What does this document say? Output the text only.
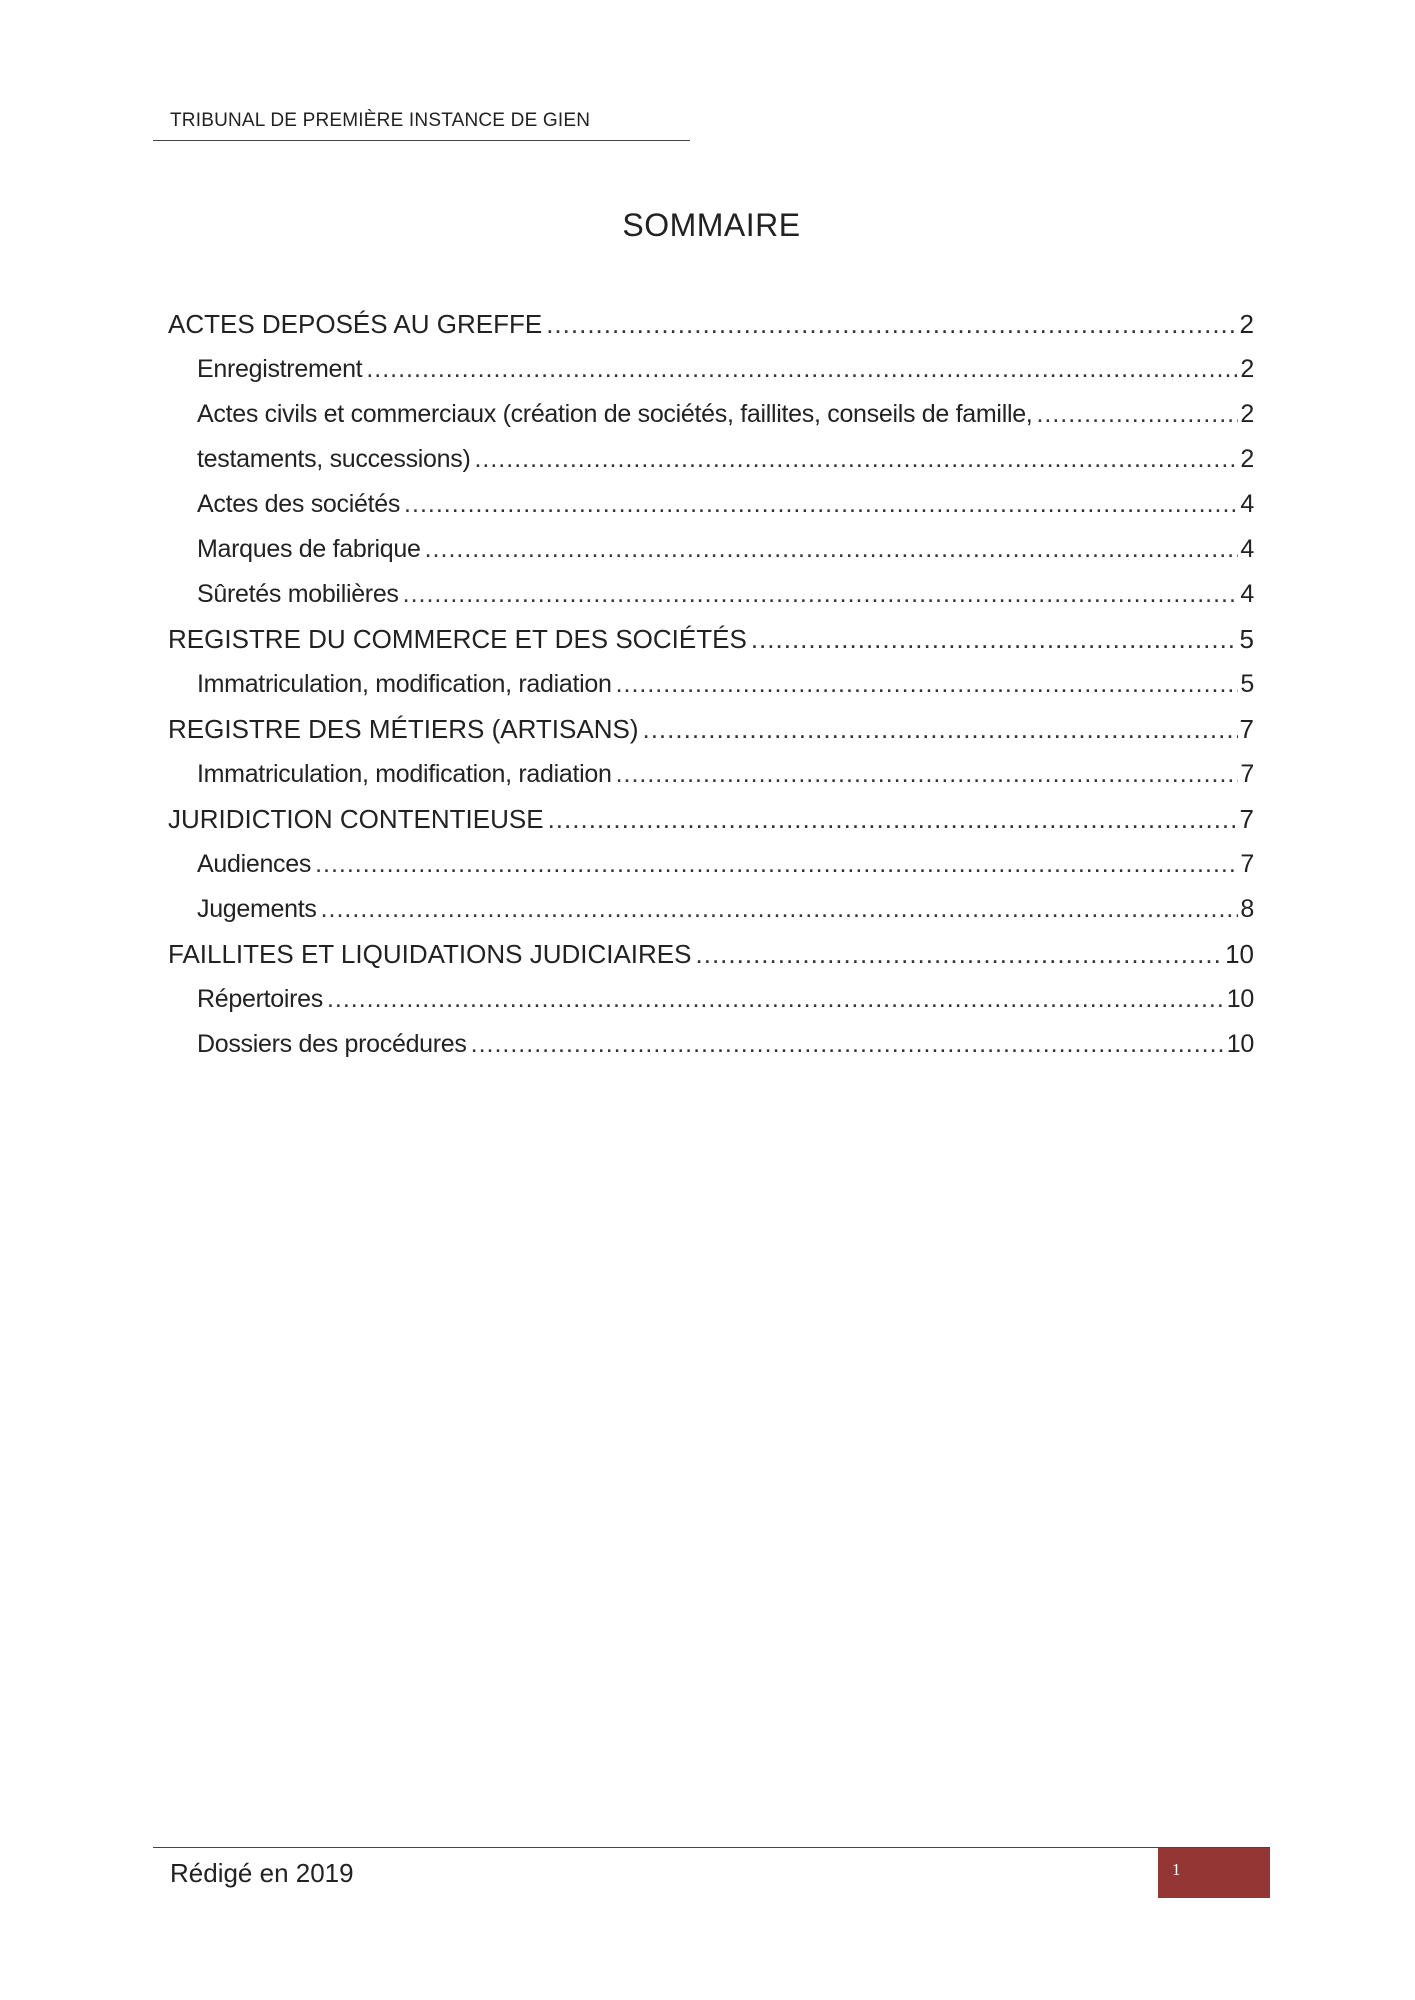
TRIBUNAL DE PREMIÈRE INSTANCE DE GIEN
SOMMAIRE
ACTES DEPOSÉS AU GREFFE .....	2
Enregistrement .....	2
Actes civils et commerciaux (création de sociétés, faillites, conseils de famille, .....	2
testaments, successions) .....	2
Actes des sociétés .....	4
Marques de fabrique .....	4
Sûretés mobilières .....	4
REGISTRE DU COMMERCE ET DES SOCIÉTÉS .....	5
Immatriculation, modification, radiation .....	5
REGISTRE DES MÉTIERS (ARTISANS) .....	7
Immatriculation, modification, radiation .....	7
JURIDICTION CONTENTIEUSE .....	7
Audiences .....	7
Jugements .....	8
FAILLITES ET LIQUIDATIONS JUDICIAIRES .....	10
Répertoires .....	10
Dossiers des procédures .....	10
Rédigé en 2019	1
